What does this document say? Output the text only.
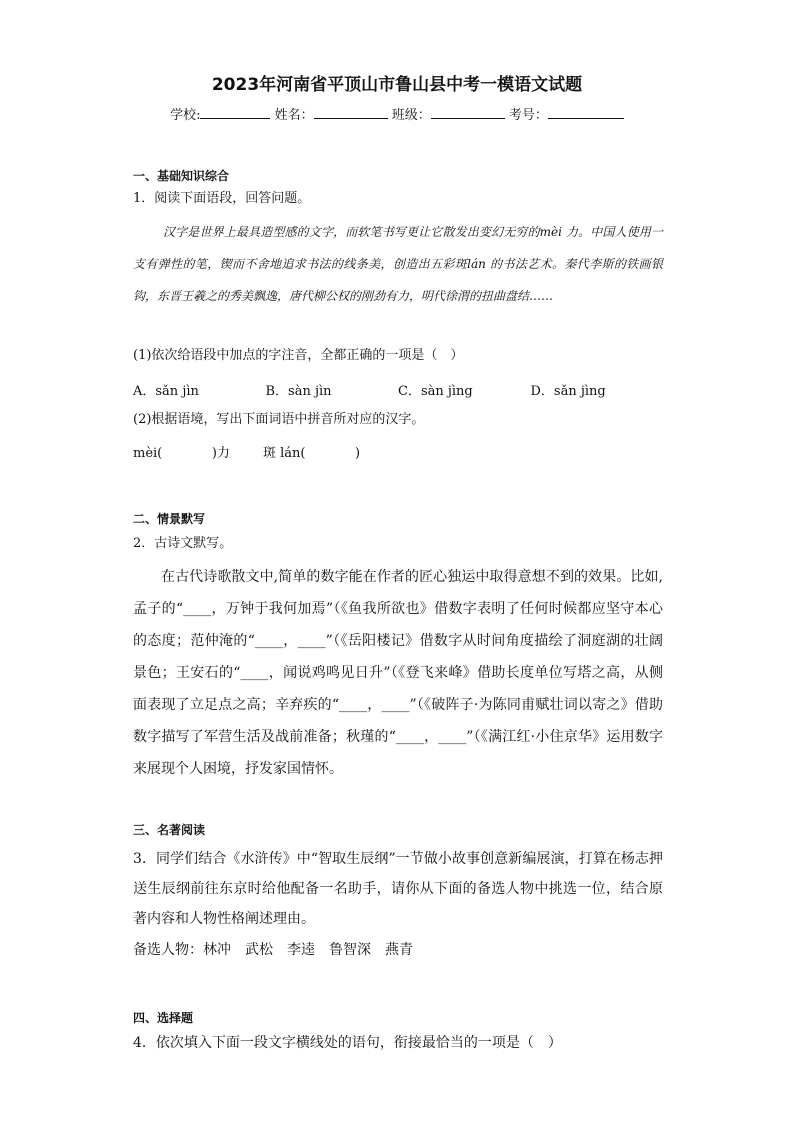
2023年河南省平顶山市鲁山县中考一模语文试题
学校:	姓名：	班级：	考号：
一、基础知识综合
1．阅读下面语段，回答问题。
汉字是世界上最具造型感的文字，而软笔书写更让它散发出变幻无穷的mèi 力。中国人使用一支有弹性的笔，锲而不舍地追求书法的线条美，创造出五彩斑lán 的书法艺术。秦代李斯的铁画银钩，东晋王羲之的秀美飘逸，唐代柳公权的刚劲有力，明代徐渭的扭曲盘结……
(1)依次给语段中加点的字注音，全都正确的一项是（　）
A．sǎn jìn	B．sàn jìn	C．sàn jìng	D．sǎn jìng
(2)根据语境，写出下面词语中拼音所对应的汉字。
mèi(            )力        斑 lán(            )
二、情景默写
2．古诗文默写。
在古代诗歌散文中,简单的数字能在作者的匠心独运中取得意想不到的效果。比如,孟子的“____，万钟于我何加焉”（《鱼我所欲也》借数字表明了任何时候都应坚守本心的态度；范仲淹的“____，____”（《岳阳楼记》借数字从时间角度描绘了洞庭湖的壮阔景色；王安石的“____，闻说鸡鸣见日升”（《登飞来峰》借助长度单位写塔之高，从侧面表现了立足点之高；辛弃疾的“____，____”（《破阵子·为陈同甫赋壮词以寄之》借助数字描写了军营生活及战前准备；秋瑾的“____，____”（《满江红·小住京华》运用数字来展现个人困境，抒发家国情怀。
三、名著阅读
3．同学们结合《水浒传》中“智取生辰纲”一节做小故事创意新编展演，打算在杨志押送生辰纲前往东京时给他配备一名助手，请你从下面的备选人物中挑选一位，结合原著内容和人物性格阐述理由。
备选人物：林冲　武松　李逵　鲁智深　燕青
四、选择题
4．依次填入下面一段文字横线处的语句，衔接最恰当的一项是（　）
